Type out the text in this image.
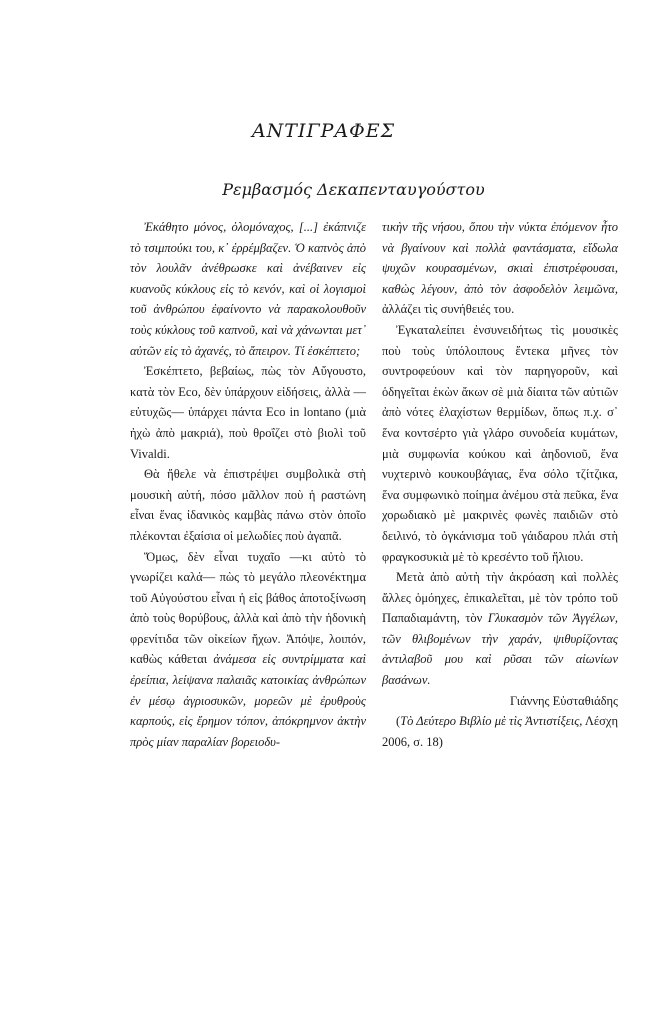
ΑΝΤΙΓΡΑΦΕΣ
Ρεμβασμός Δεκαπενταυγούστου

Ἐκάθητο μόνος, ὀλομόναχος, [...] ἐκάπνιζε τὸ τσιμπούκι του, κ᾽ ἐρρέμβαζεν. Ὁ καπνὸς ἀπὸ τὸν λουλᾶν ἀνέθρωσκε καὶ ἀνέβαινεν εἰς κυανοῦς κύκλους εἰς τὸ κενόν, καὶ οἱ λογισμοὶ τοῦ ἀνθρώπου ἐφαίνοντο νὰ παρακολουθοῦν τοὺς κύκλους τοῦ καπνοῦ, καὶ νὰ χάνωνται μετ᾽ αὐτῶν εἰς τὸ ἀχανές, τὸ ἄπειρον. Τί ἐσκέπτετο;

Ἐσκέπτετο, βεβαίως, πὼς τὸν Αὔγουστο, κατὰ τὸν Eco, δὲν ὑπάρχουν εἰδήσεις, ἀλλὰ —εὐτυχῶς— ὑπάρχει πάντα Eco in lontano (μιὰ ἠχὼ ἀπὸ μακριά), ποὺ θροΐζει στὸ βιολὶ τοῦ Vivaldi.

Θὰ ἤθελε νὰ ἐπιστρέψει συμβολικὰ στὴ μουσικὴ αὐτή, πόσο μᾶλλον ποὺ ἡ ραστώνη εἶναι ἕνας ἰδανικὸς καμβὰς πάνω στὸν ὁποῖο πλέκονται ἐξαίσια οἱ μελωδίες ποὺ ἀγαπᾶ.

Ὅμως, δὲν εἶναι τυχαῖο —κι αὐτὸ τὸ γνωρίζει καλά— πὼς τὸ μεγάλο πλεονέκτημα τοῦ Αὐγούστου εἶναι ἡ εἰς βάθος ἀποτοξίνωση ἀπὸ τοὺς θορύβους, ἀλλὰ καὶ ἀπὸ τὴν ἡδονικὴ φρενίτιδα τῶν οἰκείων ἤχων. Ἀπόψε, λοιπόν, καθὼς κάθεται ἀνάμεσα εἰς συντρίμματα καὶ ἐρείπια, λείψανα παλαιᾶς κατοικίας ἀνθρώπων ἐν μέσῳ ἀγριοσυκῶν, μορεῶν μὲ ἐρυθροὺς καρπούς, εἰς ἔρημον τόπον, ἀπόκρημνον ἀκτὴν πρὸς μίαν παραλίαν βορειοδυ-

τικὴν τῆς νήσου, ὅπου τὴν νύκτα ἐπόμενον ἦτο νὰ βγαίνουν καὶ πολλὰ φαντάσματα, εἴδωλα ψυχῶν κουρασμένων, σκιαὶ ἐπιστρέφουσαι, καθὼς λέγουν, ἀπὸ τὸν ἀσφοδελὸν λειμῶνα, ἀλλάζει τὶς συνήθειές του.

Ἐγκαταλείπει ἐνσυνειδήτως τὶς μουσικὲς ποὺ τοὺς ὑπόλοιπους ἔντεκα μῆνες τὸν συντροφεύουν καὶ τὸν παρηγοροῦν, καὶ ὁδηγεῖται ἑκὼν ἄκων σὲ μιὰ δίαιτα τῶν αὐτιῶν ἀπὸ νότες ἐλαχίστων θερμίδων, ὅπως π.χ. σ᾽ ἕνα κοντσέρτο γιὰ γλάρο συνοδεία κυμάτων, μιὰ συμφωνία κούκου καὶ ἀηδονιοῦ, ἕνα νυχτερινὸ κουκουβάγιας, ἕνα σόλο τζίτζικα, ἕνα συμφωνικὸ ποίημα ἀνέμου στὰ πεῦκα, ἕνα χορωδιακὸ μὲ μακρινὲς φωνὲς παιδιῶν στὸ δειλινό, τὸ ὀγκάνισμα τοῦ γάιδαρου πλάι στὴ φραγκοσυκιὰ μὲ τὸ κρεσέντο τοῦ ἥλιου.

Μετὰ ἀπὸ αὐτὴ τὴν ἀκρόαση καὶ πολλὲς ἄλλες ὁμόηχες, ἐπικαλεῖται, μὲ τὸν τρόπο τοῦ Παπαδιαμάντη, τὸν Γλυκασμὸν τῶν Ἀγγέλων, τῶν θλιβομένων τὴν χαράν, ψιθυρίζοντας ἀντιλαβοῦ μου καὶ ρῦσαι τῶν αἰωνίων βασάνων.

Γιάννης Εὐσταθιάδης

(Τὸ Δεύτερο Βιβλίο μὲ τὶς Ἀντιστίξεις, Λέσχη 2006, σ. 18)
